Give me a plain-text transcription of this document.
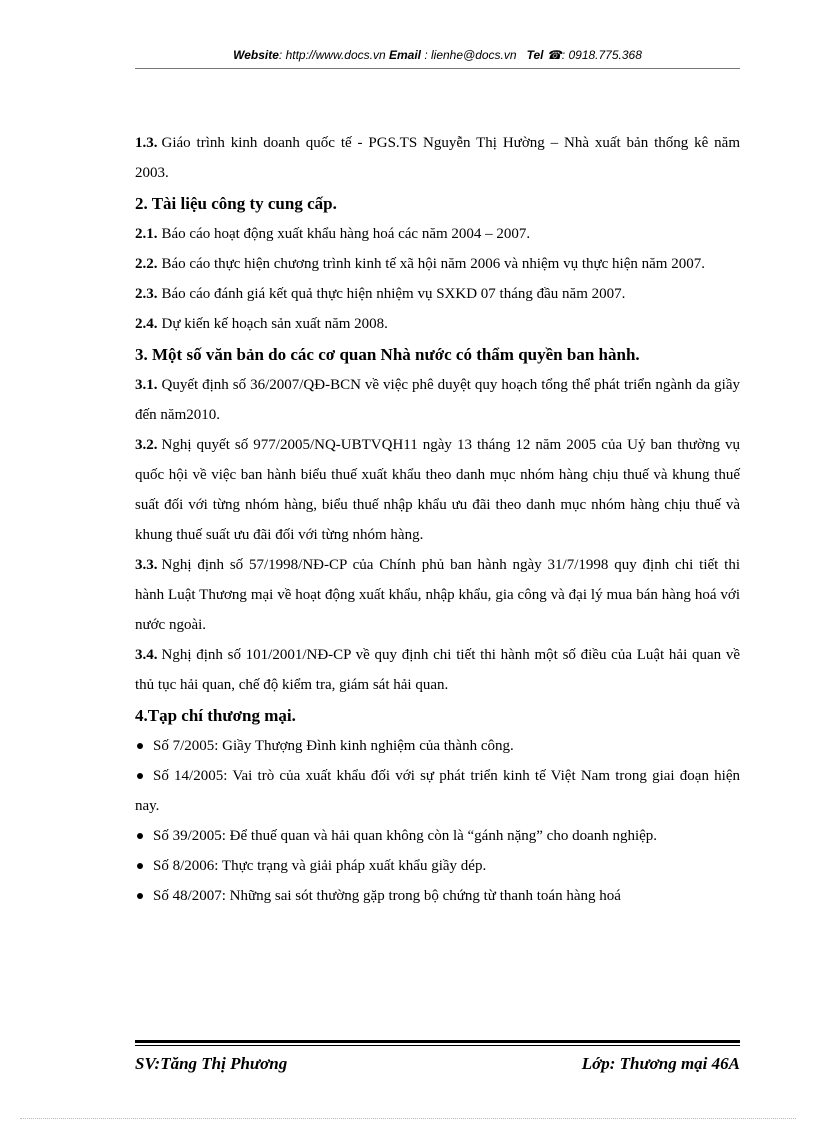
Website: http://www.docs.vn Email : lienhe@docs.vn Tel ☎: 0918.775.368

1.3. Giáo trình kinh doanh quốc tế - PGS.TS Nguyễn Thị Hường – Nhà xuất bản thống kê năm 2003.

2. Tài liệu công ty cung cấp.

2.1. Báo cáo hoạt động xuất khẩu hàng hoá các năm 2004 – 2007.

2.2. Báo cáo thực hiện chương trình kinh tế xã hội năm 2006 và nhiệm vụ thực hiện năm 2007.

2.3. Báo cáo đánh giá kết quả thực hiện nhiệm vụ SXKD 07 tháng đầu năm 2007.

2.4. Dự kiến kế hoạch sản xuất năm 2008.

3. Một số văn bản do các cơ quan Nhà nước có thẩm quyền ban hành.

3.1. Quyết định số 36/2007/QĐ-BCN về việc phê duyệt quy hoạch tổng thể phát triển ngành da giầy đến năm2010.

3.2. Nghị quyết số 977/2005/NQ-UBTVQH11 ngày 13 tháng 12 năm 2005 của Uỷ ban thường vụ quốc hội về việc ban hành biểu thuế xuất khẩu theo danh mục nhóm hàng chịu thuế và khung thuế suất đối với từng nhóm hàng, biểu thuế nhập khẩu ưu đãi theo danh mục nhóm hàng chịu thuế và khung thuế suất ưu đãi đối với từng nhóm hàng.

3.3. Nghị định số 57/1998/NĐ-CP của Chính phủ ban hành ngày 31/7/1998 quy định chi tiết thi hành Luật Thương mại về hoạt động xuất khẩu, nhập khẩu, gia công và đại lý mua bán hàng hoá với nước ngoài.

3.4. Nghị định số 101/2001/NĐ-CP về quy định chi tiết thi hành một số điều của Luật hải quan về thủ tục hải quan, chế độ kiểm tra, giám sát hải quan.

4.Tạp chí thương mại.

Số 7/2005: Giầy Thượng Đình kinh nghiệm của thành công.

Số 14/2005: Vai trò của xuất khẩu đối với sự phát triển kinh tế Việt Nam trong giai đoạn hiện nay.

Số 39/2005: Để thuế quan và hải quan không còn là “gánh nặng” cho doanh nghiệp.

Số 8/2006: Thực trạng và giải pháp xuất khẩu giầy dép.

Số 48/2007: Những sai sót thường gặp trong bộ chứng từ thanh toán hàng hoá

SV:Tăng Thị Phương	Lớp: Thương mại 46A
